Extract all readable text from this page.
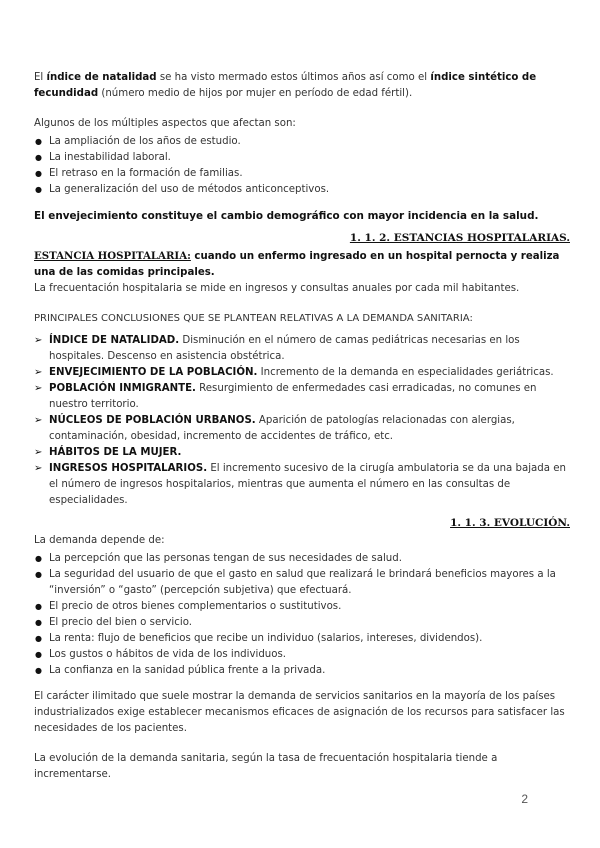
El índice de natalidad se ha visto mermado estos últimos años así como el índice sintético de fecundidad (número medio de hijos por mujer en período de edad fértil).

Algunos de los múltiples aspectos que afectan son:

● La ampliación de los años de estudio.
● La inestabilidad laboral.
● El retraso en la formación de familias.
● La generalización del uso de métodos anticonceptivos.

El envejecimiento constituye el cambio demográfico con mayor incidencia en la salud.

1. 1. 2. ESTANCIAS HOSPITALARIAS.

ESTANCIA HOSPITALARIA: cuando un enfermo ingresado en un hospital pernocta y realiza una de las comidas principales.

La frecuentación hospitalaria se mide en ingresos y consultas anuales por cada mil habitantes.

PRINCIPALES CONCLUSIONES QUE SE PLANTEAN RELATIVAS A LA DEMANDA SANITARIA:

➢ ÍNDICE DE NATALIDAD. Disminución en el número de camas pediátricas necesarias en los hospitales. Descenso en asistencia obstétrica.
➢ ENVEJECIMIENTO DE LA POBLACIÓN. Incremento de la demanda en especialidades geriátricas.
➢ POBLACIÓN INMIGRANTE. Resurgimiento de enfermedades casi erradicadas, no comunes en nuestro territorio.
➢ NÚCLEOS DE POBLACIÓN URBANOS. Aparición de patologías relacionadas con alergias, contaminación, obesidad, incremento de accidentes de tráfico, etc.
➢ HÁBITOS DE LA MUJER.
➢ INGRESOS HOSPITALARIOS. El incremento sucesivo de la cirugía ambulatoria se da una bajada en el número de ingresos hospitalarios, mientras que aumenta el número en las consultas de especialidades.
1. 1. 3. EVOLUCIÓN.

La demanda depende de:

● La percepción que las personas tengan de sus necesidades de salud.
● La seguridad del usuario de que el gasto en salud que realizará le brindará beneficios mayores a la “inversión” o “gasto” (percepción subjetiva) que efectuará.
● El precio de otros bienes complementarios o sustitutivos.
● El precio del bien o servicio.
● La renta: flujo de beneficios que recibe un individuo (salarios, intereses, dividendos).
● Los gustos o hábitos de vida de los individuos.
● La confianza en la sanidad pública frente a la privada.

El carácter ilimitado que suele mostrar la demanda de servicios sanitarios en la mayoría de los países industrializados exige establecer mecanismos eficaces de asignación de los recursos para satisfacer las necesidades de los pacientes.

La evolución de la demanda sanitaria, según la tasa de frecuentación hospitalaria tiende a incrementarse.

2
